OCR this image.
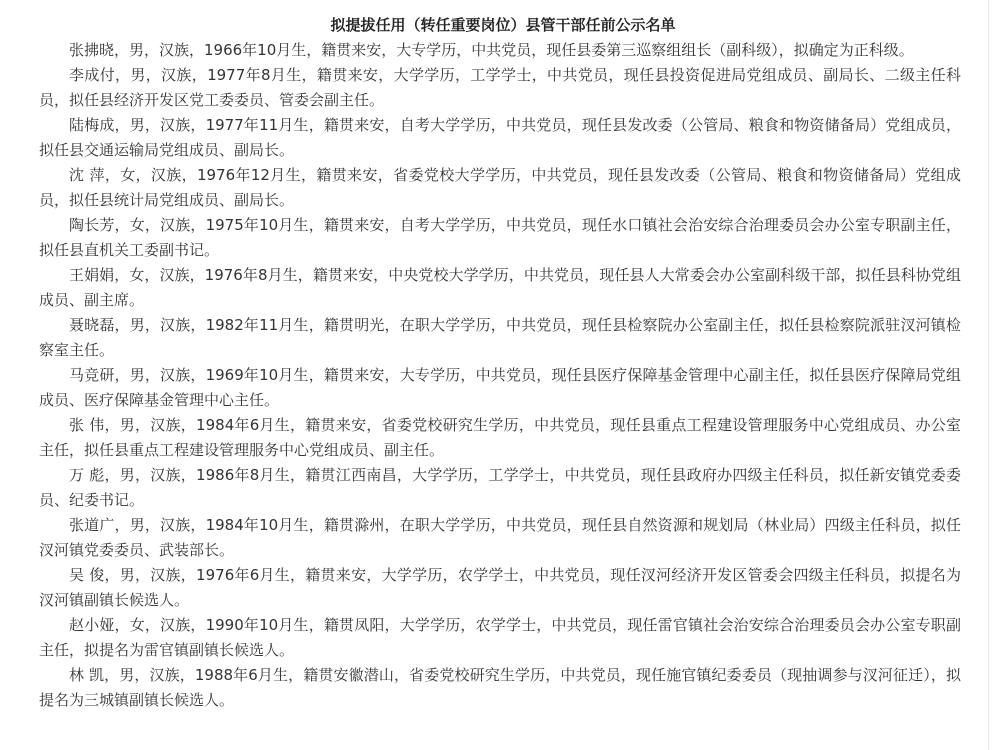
拟提拔任用（转任重要岗位）县管干部任前公示名单

张拂晓，男，汉族，1966年10月生，籍贯来安，大专学历，中共党员，现任县委第三巡察组组长（副科级），拟确定为正科级。

李成付，男，汉族，1977年8月生，籍贯来安，大学学历，工学学士，中共党员，现任县投资促进局党组成员、副局长、二级主任科员，拟任县经济开发区党工委委员、管委会副主任。

陆梅成，男，汉族，1977年11月生，籍贯来安，自考大学学历，中共党员，现任县发改委（公管局、粮食和物资储备局）党组成员，拟任县交通运输局党组成员、副局长。

沈 萍，女，汉族，1976年12月生，籍贯来安，省委党校大学学历，中共党员，现任县发改委（公管局、粮食和物资储备局）党组成员，拟任县统计局党组成员、副局长。

陶长芳，女，汉族，1975年10月生，籍贯来安，自考大学学历，中共党员，现任水口镇社会治安综合治理委员会办公室专职副主任，拟任县直机关工委副书记。

王娟娟，女，汉族，1976年8月生，籍贯来安，中央党校大学学历，中共党员，现任县人大常委会办公室副科级干部，拟任县科协党组成员、副主席。

聂晓磊，男，汉族，1982年11月生，籍贯明光，在职大学学历，中共党员，现任县检察院办公室副主任，拟任县检察院派驻汊河镇检察室主任。

马竞研，男，汉族，1969年10月生，籍贯来安，大专学历，中共党员，现任县医疗保障基金管理中心副主任，拟任县医疗保障局党组成员、医疗保障基金管理中心主任。

张 伟，男，汉族，1984年6月生，籍贯来安，省委党校研究生学历，中共党员，现任县重点工程建设管理服务中心党组成员、办公室主任，拟任县重点工程建设管理服务中心党组成员、副主任。

万 彪，男，汉族，1986年8月生，籍贯江西南昌，大学学历，工学学士，中共党员，现任县政府办四级主任科员，拟任新安镇党委委员、纪委书记。

张道广，男，汉族，1984年10月生，籍贯滁州，在职大学学历，中共党员，现任县自然资源和规划局（林业局）四级主任科员，拟任汊河镇党委委员、武装部长。

吴 俊，男，汉族，1976年6月生，籍贯来安，大学学历，农学学士，中共党员，现任汊河经济开发区管委会四级主任科员，拟提名为汊河镇副镇长候选人。

赵小娅，女，汉族，1990年10月生，籍贯凤阳，大学学历，农学学士，中共党员，现任雷官镇社会治安综合治理委员会办公室专职副主任，拟提名为雷官镇副镇长候选人。

林 凯，男，汉族，1988年6月生，籍贯安徽潜山，省委党校研究生学历，中共党员，现任施官镇纪委委员（现抽调参与汊河征迁），拟提名为三城镇副镇长候选人。
